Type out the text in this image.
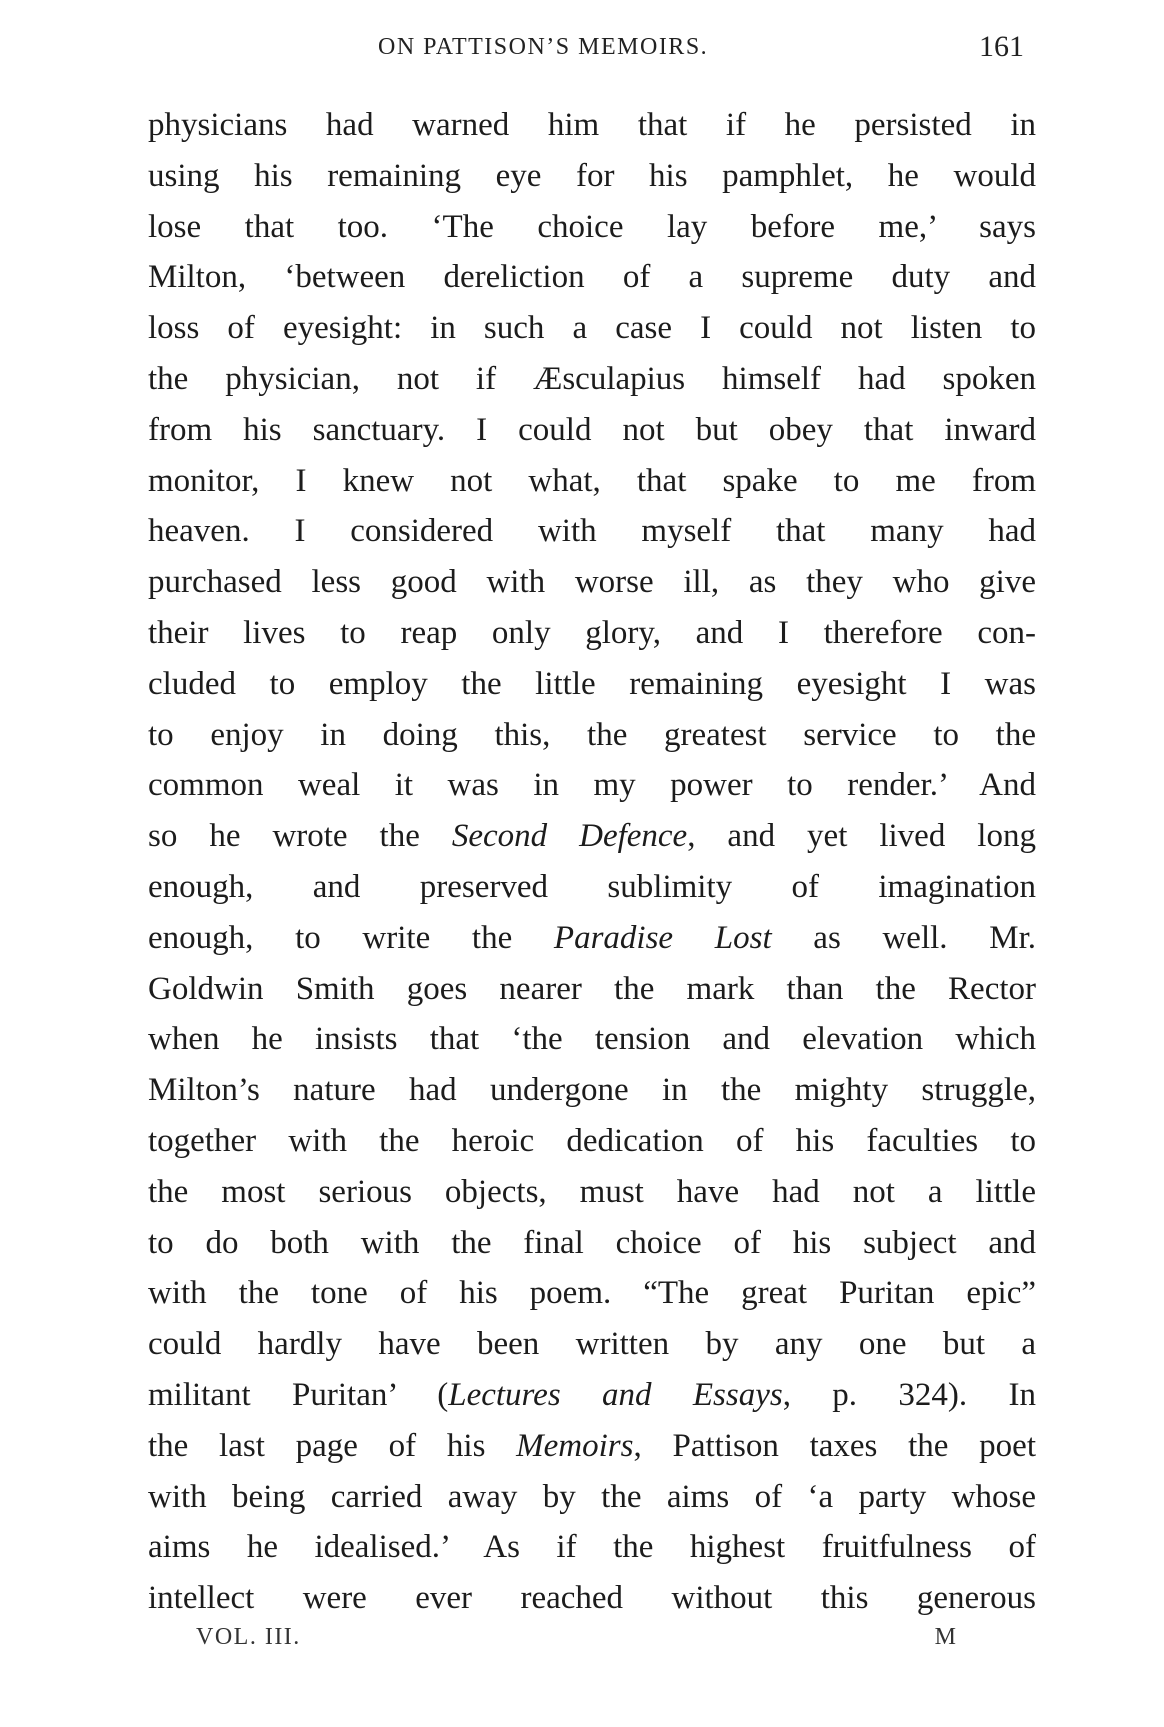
ON PATTISON’S MEMOIRS.	161
physicians had warned him that if he persisted in
using his remaining eye for his pamphlet, he would
lose that too. ‘The choice lay before me,’ says
Milton, ‘between dereliction of a supreme duty and
loss of eyesight: in such a case I could not listen to
the physician, not if Æsculapius himself had spoken
from his sanctuary. I could not but obey that inward
monitor, I knew not what, that spake to me from
heaven. I considered with myself that many had
purchased less good with worse ill, as they who give
their lives to reap only glory, and I therefore con-
cluded to employ the little remaining eyesight I was
to enjoy in doing this, the greatest service to the
common weal it was in my power to render.’ And
so he wrote the Second Defence, and yet lived long
enough, and preserved sublimity of imagination
enough, to write the Paradise Lost as well. Mr.
Goldwin Smith goes nearer the mark than the Rector
when he insists that ‘the tension and elevation which
Milton’s nature had undergone in the mighty struggle,
together with the heroic dedication of his faculties to
the most serious objects, must have had not a little
to do both with the final choice of his subject and
with the tone of his poem. “The great Puritan epic”
could hardly have been written by any one but a
militant Puritan’ (Lectures and Essays, p. 324). In
the last page of his Memoirs, Pattison taxes the poet
with being carried away by the aims of ‘a party whose
aims he idealised.’ As if the highest fruitfulness of
intellect were ever reached without this generous
VOL. III.	M
